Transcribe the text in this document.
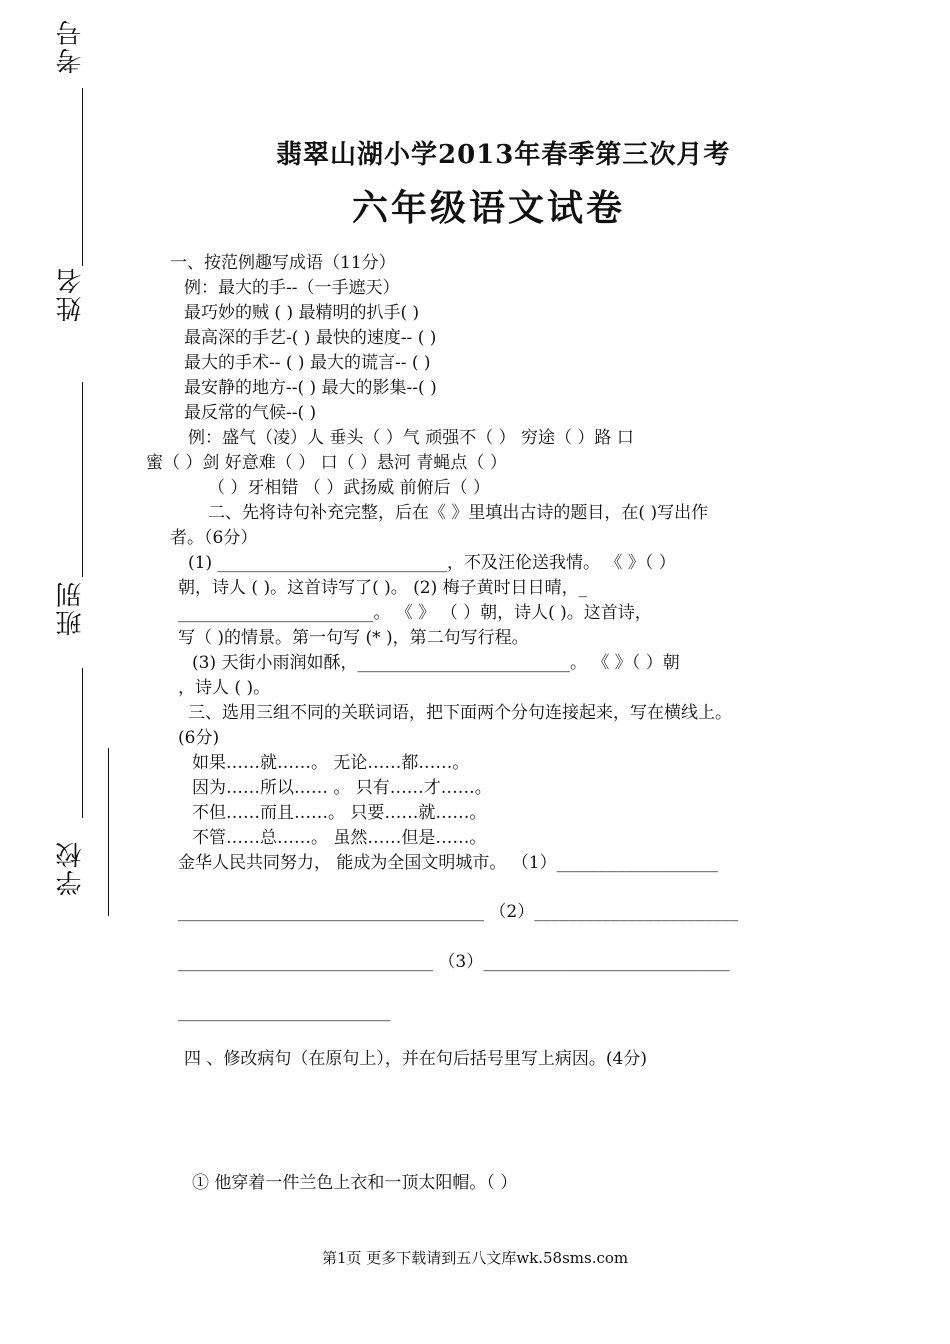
考号
姓名
班别
学校
翡翠山湖小学2013年春季第三次月考
六年级语文试卷
一、按范例趣写成语（11分）
例：最大的手--（一手遮天）
最巧妙的贼 ( ) 最精明的扒手( )
最高深的手艺-( ) 最快的速度-- ( )
最大的手术-- ( ) 最大的谎言-- ( )
最安静的地方--( ) 最大的影集--( )
最反常的气候--( )
例：盛气（凌）人 垂头（ ）气 顽强不（ ） 穷途（ ）路 口
蜜（ ）剑 好意难（ ） 口（ ）悬河 青蝇点（ ）
（ ）牙相错 （ ）武扬威 前俯后（ ）
二、先将诗句补充完整，后在《 》里填出古诗的题目，在( )写出作
者。（6分）
(1) ___________________________，不及汪伦送我情。 《 》（ ）
朝，诗人 ( )。这首诗写了( )。 (2) 梅子黄时日日晴，_
_______________________。 《 》 （ ）朝，诗人( )。这首诗，
写（ )的情景。第一句写 (* )，第二句写行程。
(3) 天街小雨润如酥，_________________________。 《 》（ ）朝
，诗人 ( )。
三、选用三组不同的关联词语，把下面两个分句连接起来，写在横线上。
(6分)
如果……就……。 无论……都……。
因为……所以…… 。 只有……才……。
不但……而且……。 只要……就……。
不管……总……。 虽然……但是……。
金华人民共同努力， 能成为全国文明城市。 （1）___________________
____________________________________ （2）________________________
______________________________ （3）_____________________________
_________________________
四 、修改病句（在原句上），并在句后括号里写上病因。(4分)
① 他穿着一件兰色上衣和一顶太阳帽。（ ）
第1页 更多下载请到五八文库wk.58sms.com
